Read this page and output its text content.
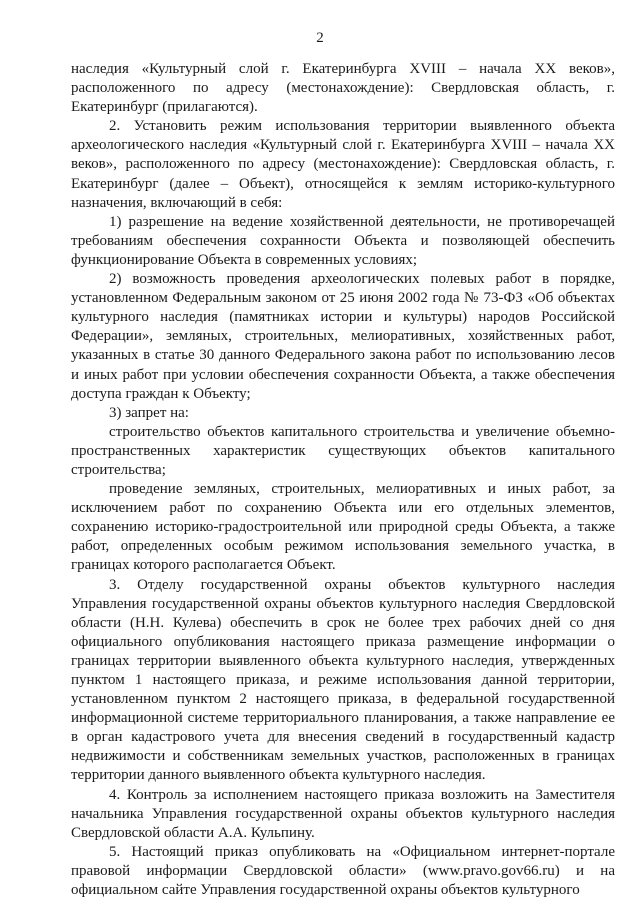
2

наследия «Культурный слой г. Екатеринбурга XVIII – начала XX веков», расположенного по адресу (местонахождение): Свердловская область, г. Екатеринбург (прилагаются).

2. Установить режим использования территории выявленного объекта археологического наследия «Культурный слой г. Екатеринбурга XVIII – начала XX веков», расположенного по адресу (местонахождение): Свердловская область, г. Екатеринбург (далее – Объект), относящейся к землям историко-культурного назначения, включающий в себя:

1) разрешение на ведение хозяйственной деятельности, не противоречащей требованиям обеспечения сохранности Объекта и позволяющей обеспечить функционирование Объекта в современных условиях;

2) возможность проведения археологических полевых работ в порядке, установленном Федеральным законом от 25 июня 2002 года № 73-ФЗ «Об объектах культурного наследия (памятниках истории и культуры) народов Российской Федерации», земляных, строительных, мелиоративных, хозяйственных работ, указанных в статье 30 данного Федерального закона работ по использованию лесов и иных работ при условии обеспечения сохранности Объекта, а также обеспечения доступа граждан к Объекту;

3) запрет на:

строительство объектов капитального строительства и увеличение объемно-пространственных характеристик существующих объектов капитального строительства;

проведение земляных, строительных, мелиоративных и иных работ, за исключением работ по сохранению Объекта или его отдельных элементов, сохранению историко-градостроительной или природной среды Объекта, а также работ, определенных особым режимом использования земельного участка, в границах которого располагается Объект.

3. Отделу государственной охраны объектов культурного наследия Управления государственной охраны объектов культурного наследия Свердловской области (Н.Н. Кулева) обеспечить в срок не более трех рабочих дней со дня официального опубликования настоящего приказа размещение информации о границах территории выявленного объекта культурного наследия, утвержденных пунктом 1 настоящего приказа, и режиме использования данной территории, установленном пунктом 2 настоящего приказа, в федеральной государственной информационной системе территориального планирования, а также направление ее в орган кадастрового учета для внесения сведений в государственный кадастр недвижимости и собственникам земельных участков, расположенных в границах территории данного выявленного объекта культурного наследия.

4. Контроль за исполнением настоящего приказа возложить на Заместителя начальника Управления государственной охраны объектов культурного наследия Свердловской области А.А. Кульпину.

5. Настоящий приказ опубликовать на «Официальном интернет-портале правовой информации Свердловской области» (www.pravo.gov66.ru) и на официальном сайте Управления государственной охраны объектов культурного
